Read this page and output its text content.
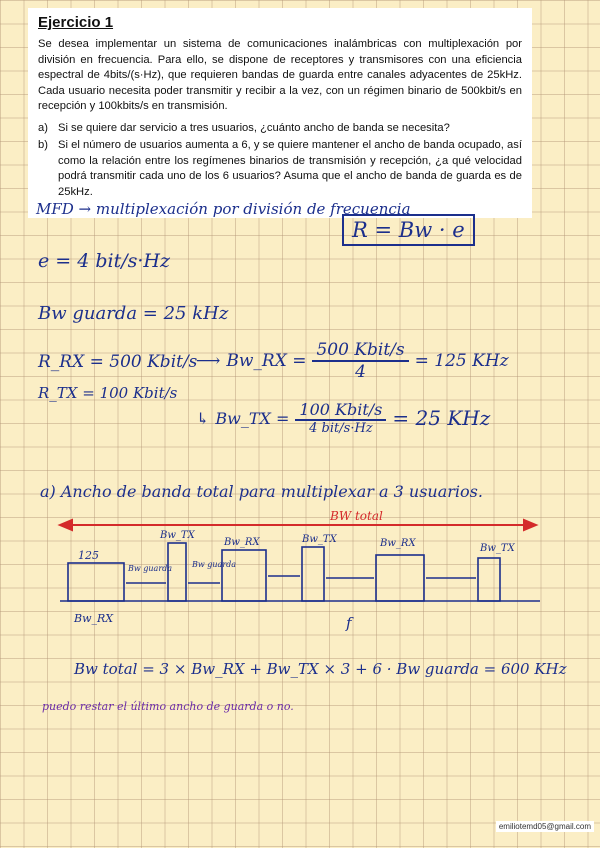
Ejercicio 1

Se desea implementar un sistema de comunicaciones inalámbricas con multiplexación por división en frecuencia. Para ello, se dispone de receptores y transmisores con una eficiencia espectral de 4bits/(s·Hz), que requieren bandas de guarda entre canales adyacentes de 25kHz. Cada usuario necesita poder transmitir y recibir a la vez, con un régimen binario de 500kbit/s en recepción y 100kbits/s en transmisión.

a) Si se quiere dar servicio a tres usuarios, ¿cuánto ancho de banda se necesita?
b) Si el número de usuarios aumenta a 6, y se quiere mantener el ancho de banda ocupado, así como la relación entre los regímenes binarios de transmisión y recepción, ¿a qué velocidad podrá transmitir cada uno de los 6 usuarios? Asuma que el ancho de banda de guarda es de 25kHz.
MFD → multiplexación por división de frecuencia
R = Bw · e
e = 4 bit/s·Hz
Bw guarda = 25 kHz
R_RX = 500 Kbit/s
R_TX = 100 Kbit/s
⟶ Bw_RX = $\frac{\text{500 Kbit/s}}{4} = 125$ KHz
↳ Bw_TX = $\frac{\text{100 Kbit/s}}{\text{4 bit/s·Hz}} = 25$ KHz
a) Ancho de banda total para multiplexar a 3 usuarios.
BW total
125
Bw_RX
Bw guarda Bw guarda
Bw_TX
Bw_RX	Bw_TX	Bw_RX	Bw_TX
f
Bw total = 3 × Bw_RX + Bw_TX × 3 + 6 · Bw guarda = 600 KHz
puedo restar el último ancho de guarda o no.
emiliotemd05@gmail.com
